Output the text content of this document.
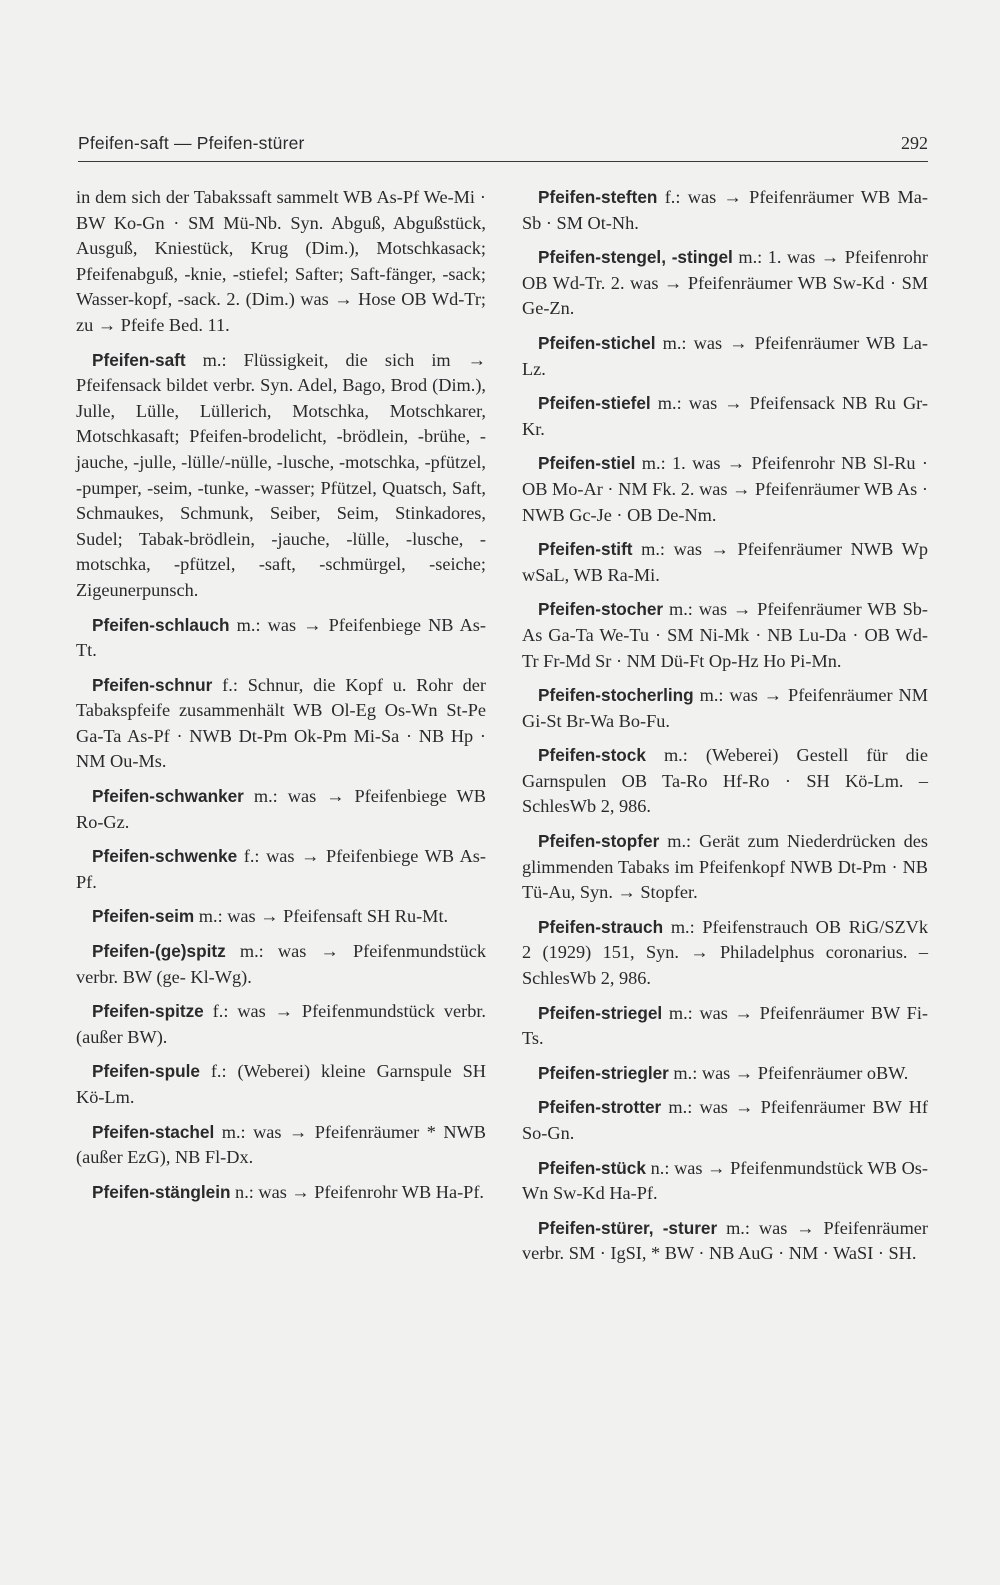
Pfeifen-saft — Pfeifen-stürer	292

in dem sich der Tabakssaft sammelt WB As-Pf We-Mi · BW Ko-Gn · SM Mü-Nb. Syn. Abguß, Abgußstück, Ausguß, Kniestück, Krug (Dim.), Motschkasack; Pfeifenabguß, -knie, -stiefel; Safter; Saft-fänger, -sack; Wasser-kopf, -sack. 2. (Dim.) was → Hose OB Wd-Tr; zu → Pfeife Bed. 11.

Pfeifen-saft m.: Flüssigkeit, die sich im → Pfeifensack bildet verbr. Syn. Adel, Bago, Brod (Dim.), Julle, Lülle, Lüllerich, Motschka, Motschkarer, Motschkasaft; Pfeifen-brodelicht, -brödlein, -brühe, -jauche, -julle, -lülle/-nülle, -lusche, -motschka, -pfützel, -pumper, -seim, -tunke, -wasser; Pfützel, Quatsch, Saft, Schmaukes, Schmunk, Seiber, Seim, Stinkadores, Sudel; Tabak-brödlein, -jauche, -lülle, -lusche, -motschka, -pfützel, -saft, -schmürgel, -seiche; Zigeunerpunsch.

Pfeifen-schlauch m.: was → Pfeifenbiege NB As-Tt.

Pfeifen-schnur f.: Schnur, die Kopf u. Rohr der Tabakspfeife zusammenhält WB Ol-Eg Os-Wn St-Pe Ga-Ta As-Pf · NWB Dt-Pm Ok-Pm Mi-Sa · NB Hp · NM Ou-Ms.

Pfeifen-schwanker m.: was → Pfeifenbiege WB Ro-Gz.

Pfeifen-schwenke f.: was → Pfeifenbiege WB As-Pf.

Pfeifen-seim m.: was → Pfeifensaft SH Ru-Mt.

Pfeifen-(ge)spitz m.: was → Pfeifenmundstück verbr. BW (ge- Kl-Wg).

Pfeifen-spitze f.: was → Pfeifenmundstück verbr. (außer BW).

Pfeifen-spule f.: (Weberei) kleine Garnspule SH Kö-Lm.

Pfeifen-stachel m.: was → Pfeifenräumer * NWB (außer EzG), NB Fl-Dx.

Pfeifen-stänglein n.: was → Pfeifenrohr WB Ha-Pf.

Pfeifen-steften f.: was → Pfeifenräumer WB Ma-Sb · SM Ot-Nh.

Pfeifen-stengel, -stingel m.: 1. was → Pfeifenrohr OB Wd-Tr. 2. was → Pfeifenräumer WB Sw-Kd · SM Ge-Zn.

Pfeifen-stichel m.: was → Pfeifenräumer WB La-Lz.

Pfeifen-stiefel m.: was → Pfeifensack NB Ru Gr-Kr.

Pfeifen-stiel m.: 1. was → Pfeifenrohr NB Sl-Ru · OB Mo-Ar · NM Fk. 2. was → Pfeifenräumer WB As · NWB Gc-Je · OB De-Nm.

Pfeifen-stift m.: was → Pfeifenräumer NWB Wp wSaL, WB Ra-Mi.

Pfeifen-stocher m.: was → Pfeifenräumer WB Sb-As Ga-Ta We-Tu · SM Ni-Mk · NB Lu-Da · OB Wd-Tr Fr-Md Sr · NM Dü-Ft Op-Hz Ho Pi-Mn.

Pfeifen-stocherling m.: was → Pfeifenräumer NM Gi-St Br-Wa Bo-Fu.

Pfeifen-stock m.: (Weberei) Gestell für die Garnspulen OB Ta-Ro Hf-Ro · SH Kö-Lm. – SchlesWb 2, 986.

Pfeifen-stopfer m.: Gerät zum Niederdrücken des glimmenden Tabaks im Pfeifenkopf NWB Dt-Pm · NB Tü-Au, Syn. → Stopfer.

Pfeifen-strauch m.: Pfeifenstrauch OB RiG/SZVk 2 (1929) 151, Syn. → Philadelphus coronarius. – SchlesWb 2, 986.

Pfeifen-striegel m.: was → Pfeifenräumer BW Fi-Ts.

Pfeifen-striegler m.: was → Pfeifenräumer oBW.

Pfeifen-strotter m.: was → Pfeifenräumer BW Hf So-Gn.

Pfeifen-stück n.: was → Pfeifenmundstück WB Os-Wn Sw-Kd Ha-Pf.

Pfeifen-stürer, -sturer m.: was → Pfeifenräumer verbr. SM · IgSI, * BW · NB AuG · NM · WaSI · SH.
